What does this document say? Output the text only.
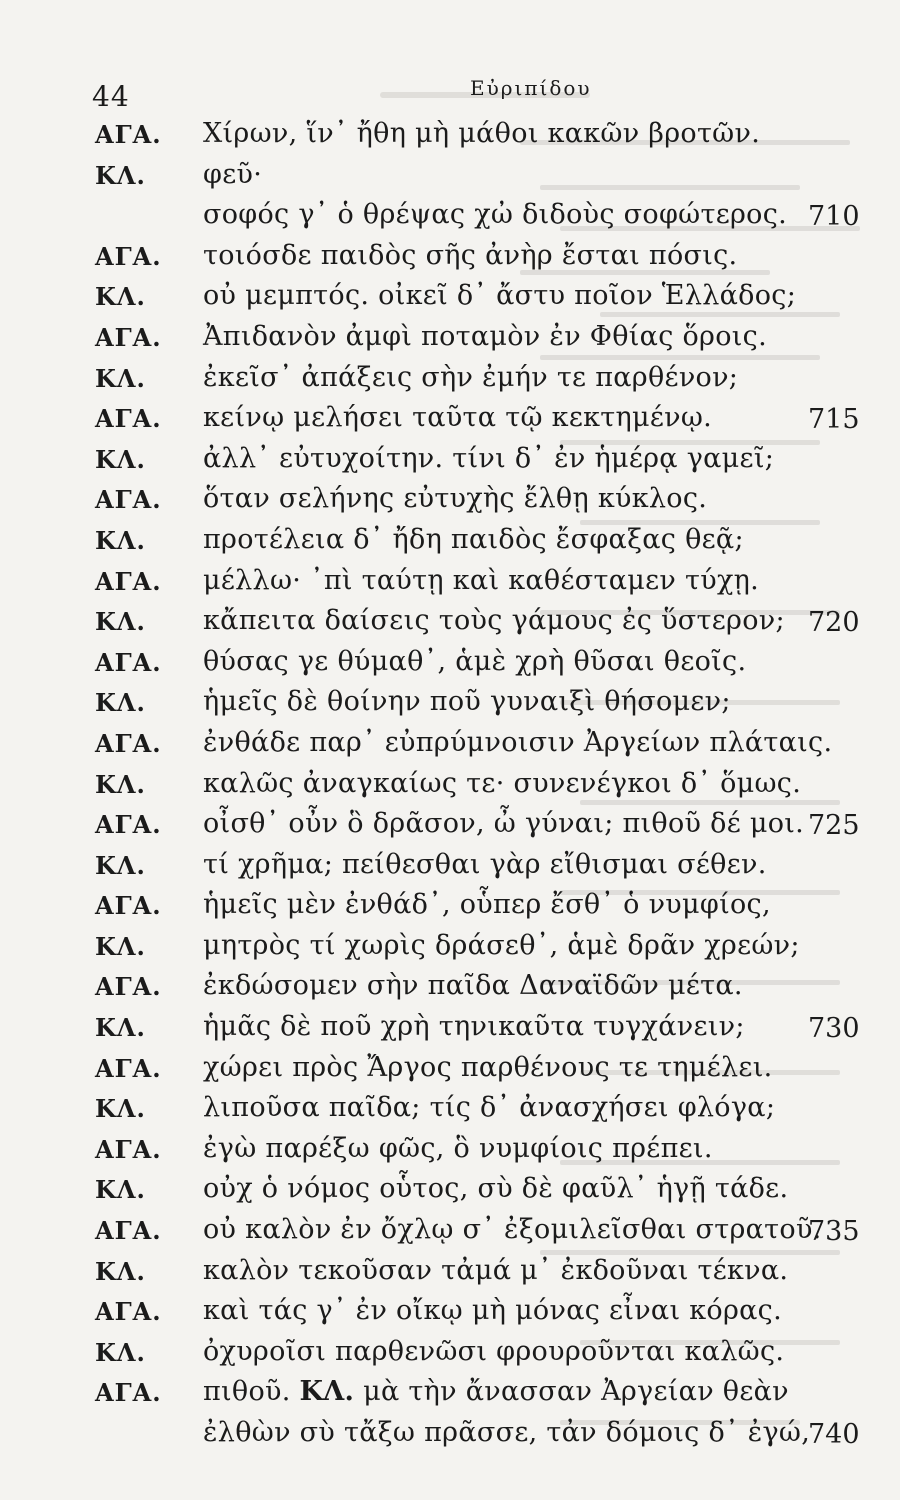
44	Εὐριπίδου
ΑΓΑ. Χίρων, ἵν᾽ ἤθη μὴ μάθοι κακῶν βροτῶν.
ΚΛ. φεῦ·
σοφός γ᾽ ὁ θρέψας χὠ διδοὺς σοφώτερος. 710
ΑΓΑ. τοιόσδε παιδὸς σῆς ἀνὴρ ἔσται πόσις.
ΚΛ. οὐ μεμπτός. οἰκεῖ δ᾽ ἄστυ ποῖον Ἑλλάδος;
ΑΓΑ. Ἀπιδανὸν ἀμφὶ ποταμὸν ἐν Φθίας ὅροις.
ΚΛ. ἐκεῖσ᾽ ἀπάξεις σὴν ἐμήν τε παρθένον;
ΑΓΑ. κείνῳ μελήσει ταῦτα τῷ κεκτημένῳ.	715
ΚΛ. ἀλλ᾽ εὐτυχοίτην. τίνι δ᾽ ἐν ἡμέρᾳ γαμεῖ;
ΑΓΑ. ὅταν σελήνης εὐτυχὴς ἔλθῃ κύκλος.
ΚΛ. προτέλεια δ᾽ ἤδη παιδὸς ἔσφαξας θεᾷ;
ΑΓΑ. μέλλω· ᾽πὶ ταύτῃ καὶ καθέσταμεν τύχῃ.
ΚΛ. κἄπειτα δαίσεις τοὺς γάμους ἐς ὕστερον; 720
ΑΓΑ. θύσας γε θύμαθ᾽, ἁμὲ χρὴ θῦσαι θεοῖς.
ΚΛ. ἡμεῖς δὲ θοίνην ποῦ γυναιξὶ θήσομεν;
ΑΓΑ. ἐνθάδε παρ᾽ εὐπρύμνοισιν Ἀργείων πλάταις.
ΚΛ. καλῶς ἀναγκαίως τε· συνενέγκοι δ᾽ ὅμως.
ΑΓΑ. οἶσθ᾽ οὖν ὃ δρᾶσον, ὦ γύναι; πιθοῦ δέ μοι. 725
ΚΛ. τί χρῆμα; πείθεσθαι γὰρ εἴθισμαι σέθεν.
ΑΓΑ. ἡμεῖς μὲν ἐνθάδ᾽, οὗπερ ἔσθ᾽ ὁ νυμφίος,
ΚΛ. μητρὸς τί χωρὶς δράσεθ᾽, ἁμὲ δρᾶν χρεών;
ΑΓΑ. ἐκδώσομεν σὴν παῖδα Δαναϊδῶν μέτα.
ΚΛ. ἡμᾶς δὲ ποῦ χρὴ τηνικαῦτα τυγχάνειν; 730
ΑΓΑ. χώρει πρὸς Ἄργος παρθένους τε τημέλει.
ΚΛ. λιποῦσα παῖδα; τίς δ᾽ ἀνασχήσει φλόγα;
ΑΓΑ. ἐγὼ παρέξω φῶς, ὃ νυμφίοις πρέπει.
ΚΛ. οὐχ ὁ νόμος οὗτος, σὺ δὲ φαῦλ᾽ ἡγῇ τάδε.
ΑΓΑ. οὐ καλὸν ἐν ὄχλῳ σ᾽ ἐξομιλεῖσθαι στρατοῦ.
735
ΚΛ. καλὸν τεκοῦσαν τἀμά μ᾽ ἐκδοῦναι τέκνα.
ΑΓΑ. καὶ τάς γ᾽ ἐν οἴκῳ μὴ μόνας εἶναι κόρας.
ΚΛ. ὀχυροῖσι παρθενῶσι φρουροῦνται καλῶς.
ΑΓΑ. πιθοῦ. ΚΛ. μὰ τὴν ἄνασσαν Ἀργείαν θεὰν
ἐλθὼν σὺ τἄξω πρᾶσσε, τἀν δόμοις δ᾽ ἐγώ,
740
